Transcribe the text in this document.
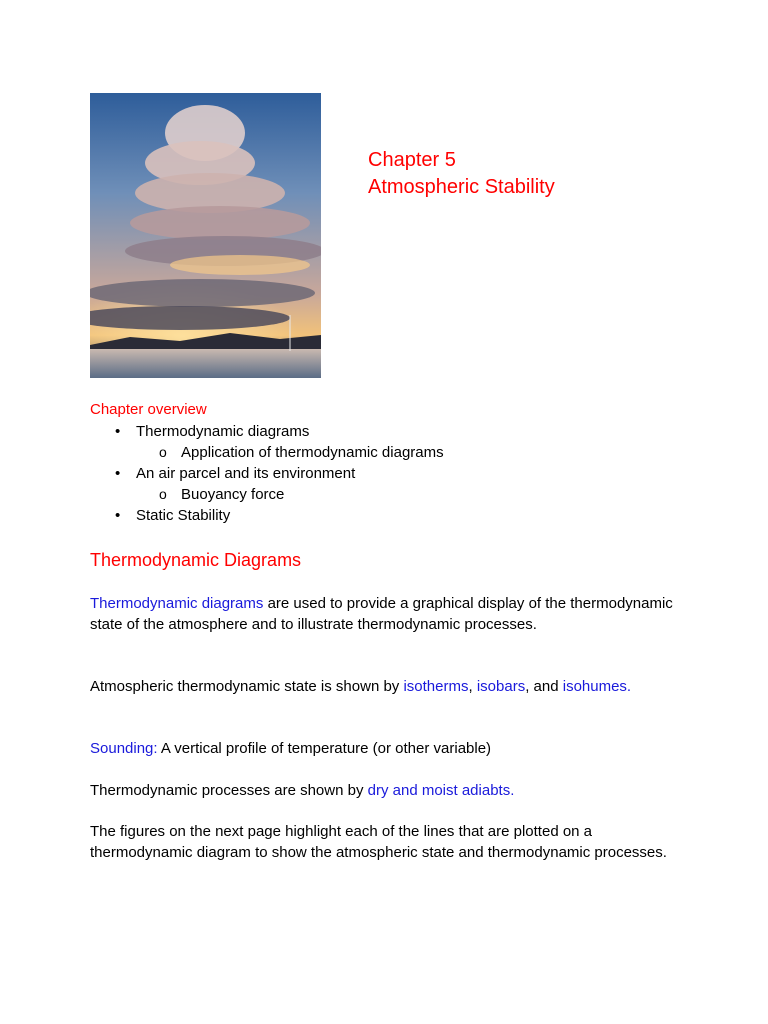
Chapter 5
Atmospheric Stability
Chapter overview
• Thermodynamic diagrams
o Application of thermodynamic diagrams
• An air parcel and its environment
o Buoyancy force
• Static Stability
Thermodynamic Diagrams

Thermodynamic diagrams are used to provide a graphical display of the thermodynamic state of the atmosphere and to illustrate thermodynamic processes.

Atmospheric thermodynamic state is shown by isotherms, isobars, and isohumes.

Sounding: A vertical profile of temperature (or other variable)

Thermodynamic processes are shown by dry and moist adiabts.

The figures on the next page highlight each of the lines that are plotted on a thermodynamic diagram to show the atmospheric state and thermodynamic processes.
